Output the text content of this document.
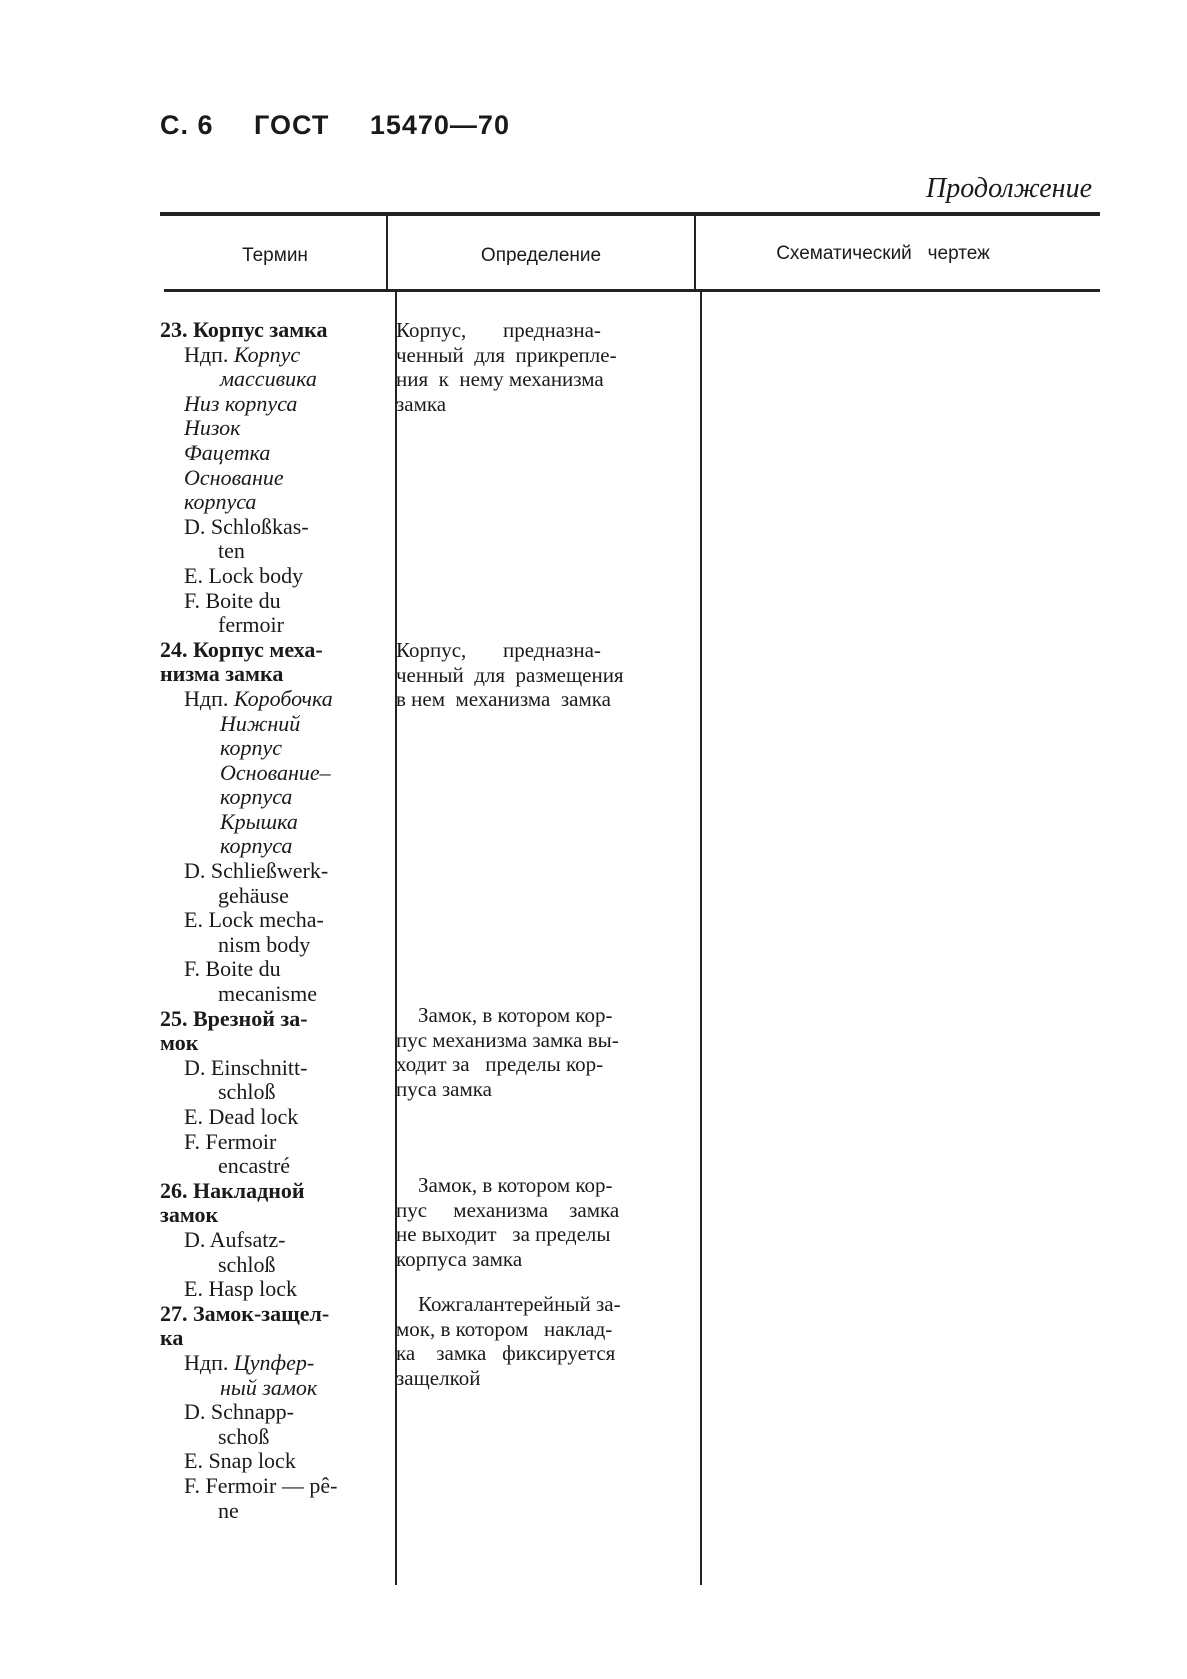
С. 6 ГОСТ 15470—70
Продолжение
Термин	Определение	Схематический   чертеж
23. Корпус замка
Ндп. Корпус
массивика
Низ корпуса
Низок
Фацетка
Основание
корпуса
D. Schloßkas-
ten
E. Lock body
F. Boite du
fermoir
24. Корпус меха-
низма замка
Ндп. Коробочка
Нижний
корпус
Основание–
корпуса
Крышка
корпуса
D. Schließwerk-
gehäuse
E. Lock mecha-
nism body
F. Boite du
mecanisme
25. Врезной за-
мок
D. Einschnitt-
schloß
E. Dead lock
F. Fermoir
encastré
26. Накладной
замок
D. Aufsatz-
schloß
E. Hasp lock
27. Замок-защел-
ка
Ндп. Цупфер-
ный замок
D. Schnapp-
schoß
E. Snap lock
F. Fermoir — pê-
ne
Корпус,       предназна-
ченный  для  прикрепле-
ния  к  нему механизма
замка
Корпус,       предназна-
ченный  для  размещения
в нем  механизма  замка
Замок, в котором кор-
пус механизма замка вы-
ходит за   пределы кор-
пуса замка
Замок, в котором кор-
пус     механизма    замка
не выходит   за пределы
корпуса замка
Кожгалантерейный за-
мок, в котором   наклад-
ка    замка   фиксируется
защелкой
